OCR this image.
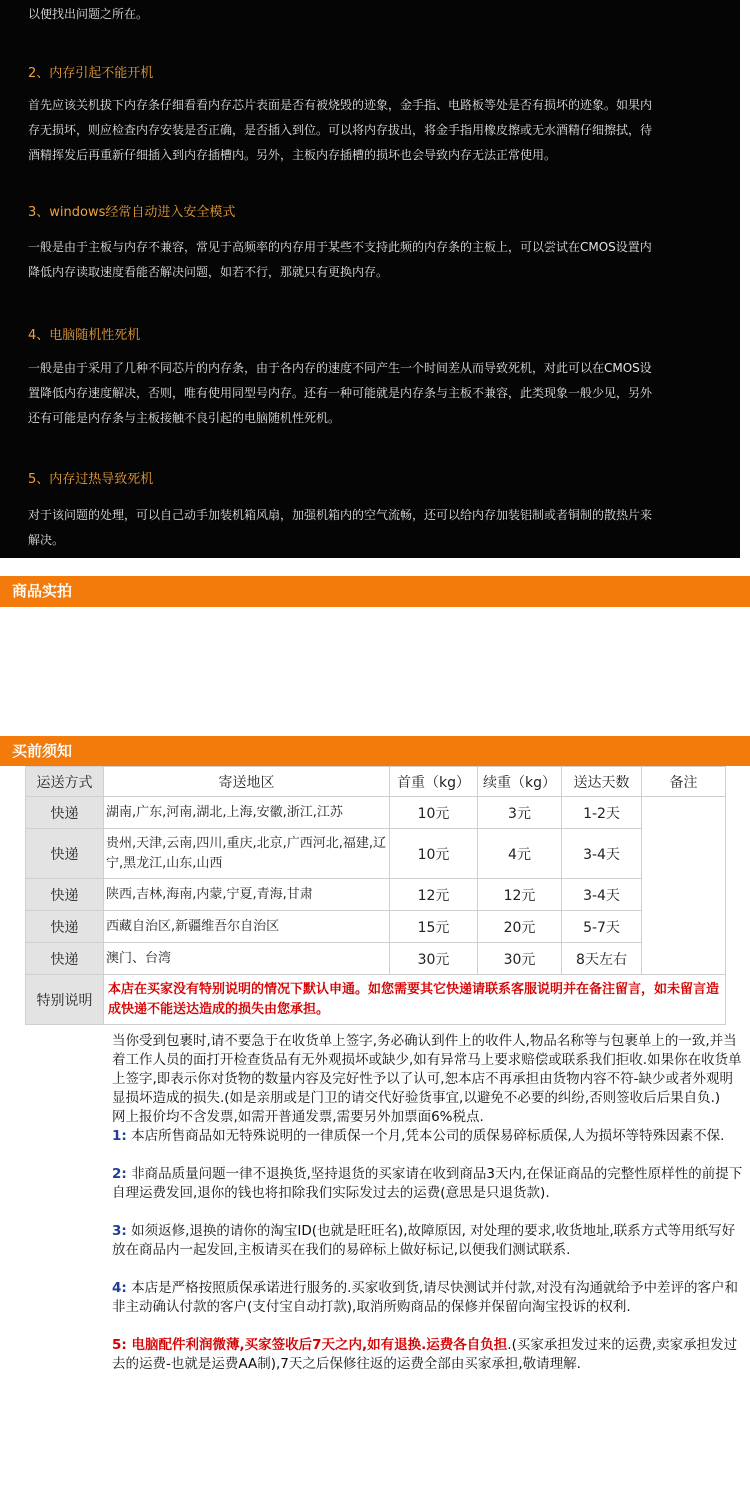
以便找出问题之所在。
2、内存引起不能开机
首先应该关机拔下内存条仔细看看内存芯片表面是否有被烧毁的迹象，金手指、电路板等处是否有损坏的迹象。如果内
存无损坏，则应检查内存安装是否正确，是否插入到位。可以将内存拔出，将金手指用橡皮擦或无水酒精仔细擦拭，待
酒精挥发后再重新仔细插入到内存插槽内。另外，主板内存插槽的损坏也会导致内存无法正常使用。
3、windows经常自动进入安全模式
一般是由于主板与内存不兼容，常见于高频率的内存用于某些不支持此频的内存条的主板上，可以尝试在CMOS设置内
降低内存读取速度看能否解决问题，如若不行，那就只有更换内存。
4、电脑随机性死机
一般是由于采用了几种不同芯片的内存条，由于各内存的速度不同产生一个时间差从而导致死机，对此可以在CMOS设
置降低内存速度解决，否则，唯有使用同型号内存。还有一种可能就是内存条与主板不兼容，此类现象一般少见，另外
还有可能是内存条与主板接触不良引起的电脑随机性死机。
5、内存过热导致死机
对于该问题的处理，可以自己动手加装机箱风扇，加强机箱内的空气流畅，还可以给内存加装铝制或者铜制的散热片来
解决。
商品实拍
买前须知
运送方式	寄送地区	首重（kg）	续重（kg）	送达天数	备注
快递	湖南,广东,河南,湖北,上海,安徽,浙江,江苏	10元	3元	1-2天	
快递	贵州,天津,云南,四川,重庆,北京,广西河北,福建,辽宁,黑龙江,山东,山西	10元	4元	3-4天	
快递	陕西,吉林,海南,内蒙,宁夏,青海,甘肃	12元	12元	3-4天	
快递	西藏自治区,新疆维吾尔自治区	15元	20元	5-7天	
快递	澳门、台湾	30元	30元	8天左右	
特别说明	本店在买家没有特别说明的情况下默认申通。如您需要其它快递请联系客服说明并在备注留言，如未留言造成快递不能送达造成的损失由您承担。				

当你受到包裹时,请不要急于在收货单上签字,务必确认到件上的收件人,物品名称等与包裹单上的一致,并当着工作人员的面打开检查货品有无外观损坏或缺少,如有异常马上要求赔偿或联系我们拒收.如果你在收货单上签字,即表示你对货物的数量内容及完好性予以了认可,恕本店不再承担由货物内容不符-缺少或者外观明显损坏造成的损失.(如是亲朋或是门卫的请交代好验货事宜,以避免不必要的纠纷,否则签收后后果自负.)

网上报价均不含发票,如需开普通发票,需要另外加票面6%税点.

1: 本店所售商品如无特殊说明的一律质保一个月,凭本公司的质保易碎标质保,人为损坏等特殊因素不保.

2: 非商品质量问题一律不退换货,坚持退货的买家请在收到商品3天内,在保证商品的完整性原样性的前提下自理运费发回,退你的钱也将扣除我们实际发过去的运费(意思是只退货款).

3: 如须返修,退换的请你的淘宝ID(也就是旺旺名),故障原因, 对处理的要求,收货地址,联系方式等用纸写好放在商品内一起发回,主板请买在我们的易碎标上做好标记,以便我们测试联系.

4: 本店是严格按照质保承诺进行服务的.买家收到货,请尽快测试并付款,对没有沟通就给予中差评的客户和非主动确认付款的客户(支付宝自动打款),取消所购商品的保修并保留向淘宝投诉的权利.

5: 电脑配件利润微薄,买家签收后7天之内,如有退换.运费各自负担.(买家承担发过来的运费,卖家承担发过去的运费-也就是运费AA制),7天之后保修往返的运费全部由买家承担,敬请理解.
